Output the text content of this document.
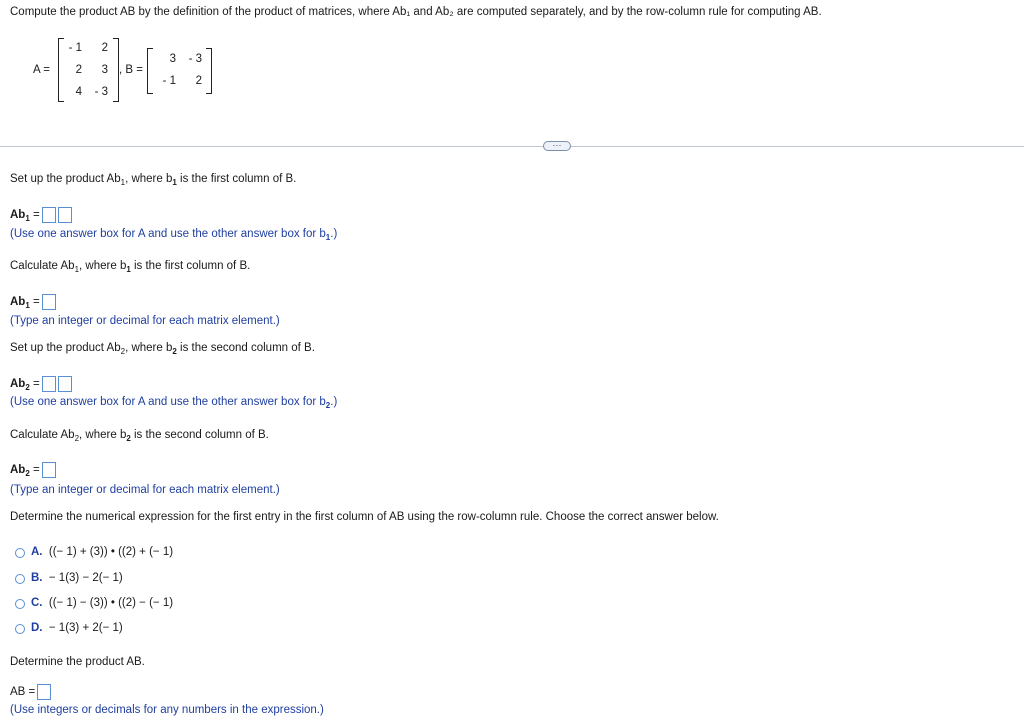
Compute the product AB by the definition of the product of matrices, where Ab₁ and Ab₂ are computed separately, and by the row-column rule for computing AB.
A =
- 1	2
2	3
4	- 3
, B =
3	- 3
- 1	2
···
Set up the product $Ab_1$, where $b_1$ is the first column of B.
$Ab_1$ =
(Use one answer box for A and use the other answer box for $b_1$.)
Calculate $Ab_1$, where $b_1$ is the first column of B.
$Ab_1$ =
(Type an integer or decimal for each matrix element.)
Set up the product $Ab_2$, where $b_2$ is the second column of B.
$Ab_2$ =
(Use one answer box for A and use the other answer box for $b_2$.)
Calculate $Ab_2$, where $b_2$ is the second column of B.
$Ab_2$ =
(Type an integer or decimal for each matrix element.)
Determine the numerical expression for the first entry in the first column of AB using the row-column rule. Choose the correct answer below.
A. ((− 1) + (3)) • ((2) + (− 1)
B. − 1(3) − 2(− 1)
C. ((− 1) − (3)) • ((2) − (− 1)
D. − 1(3) + 2(− 1)
Determine the product AB.
AB =
(Use integers or decimals for any numbers in the expression.)
